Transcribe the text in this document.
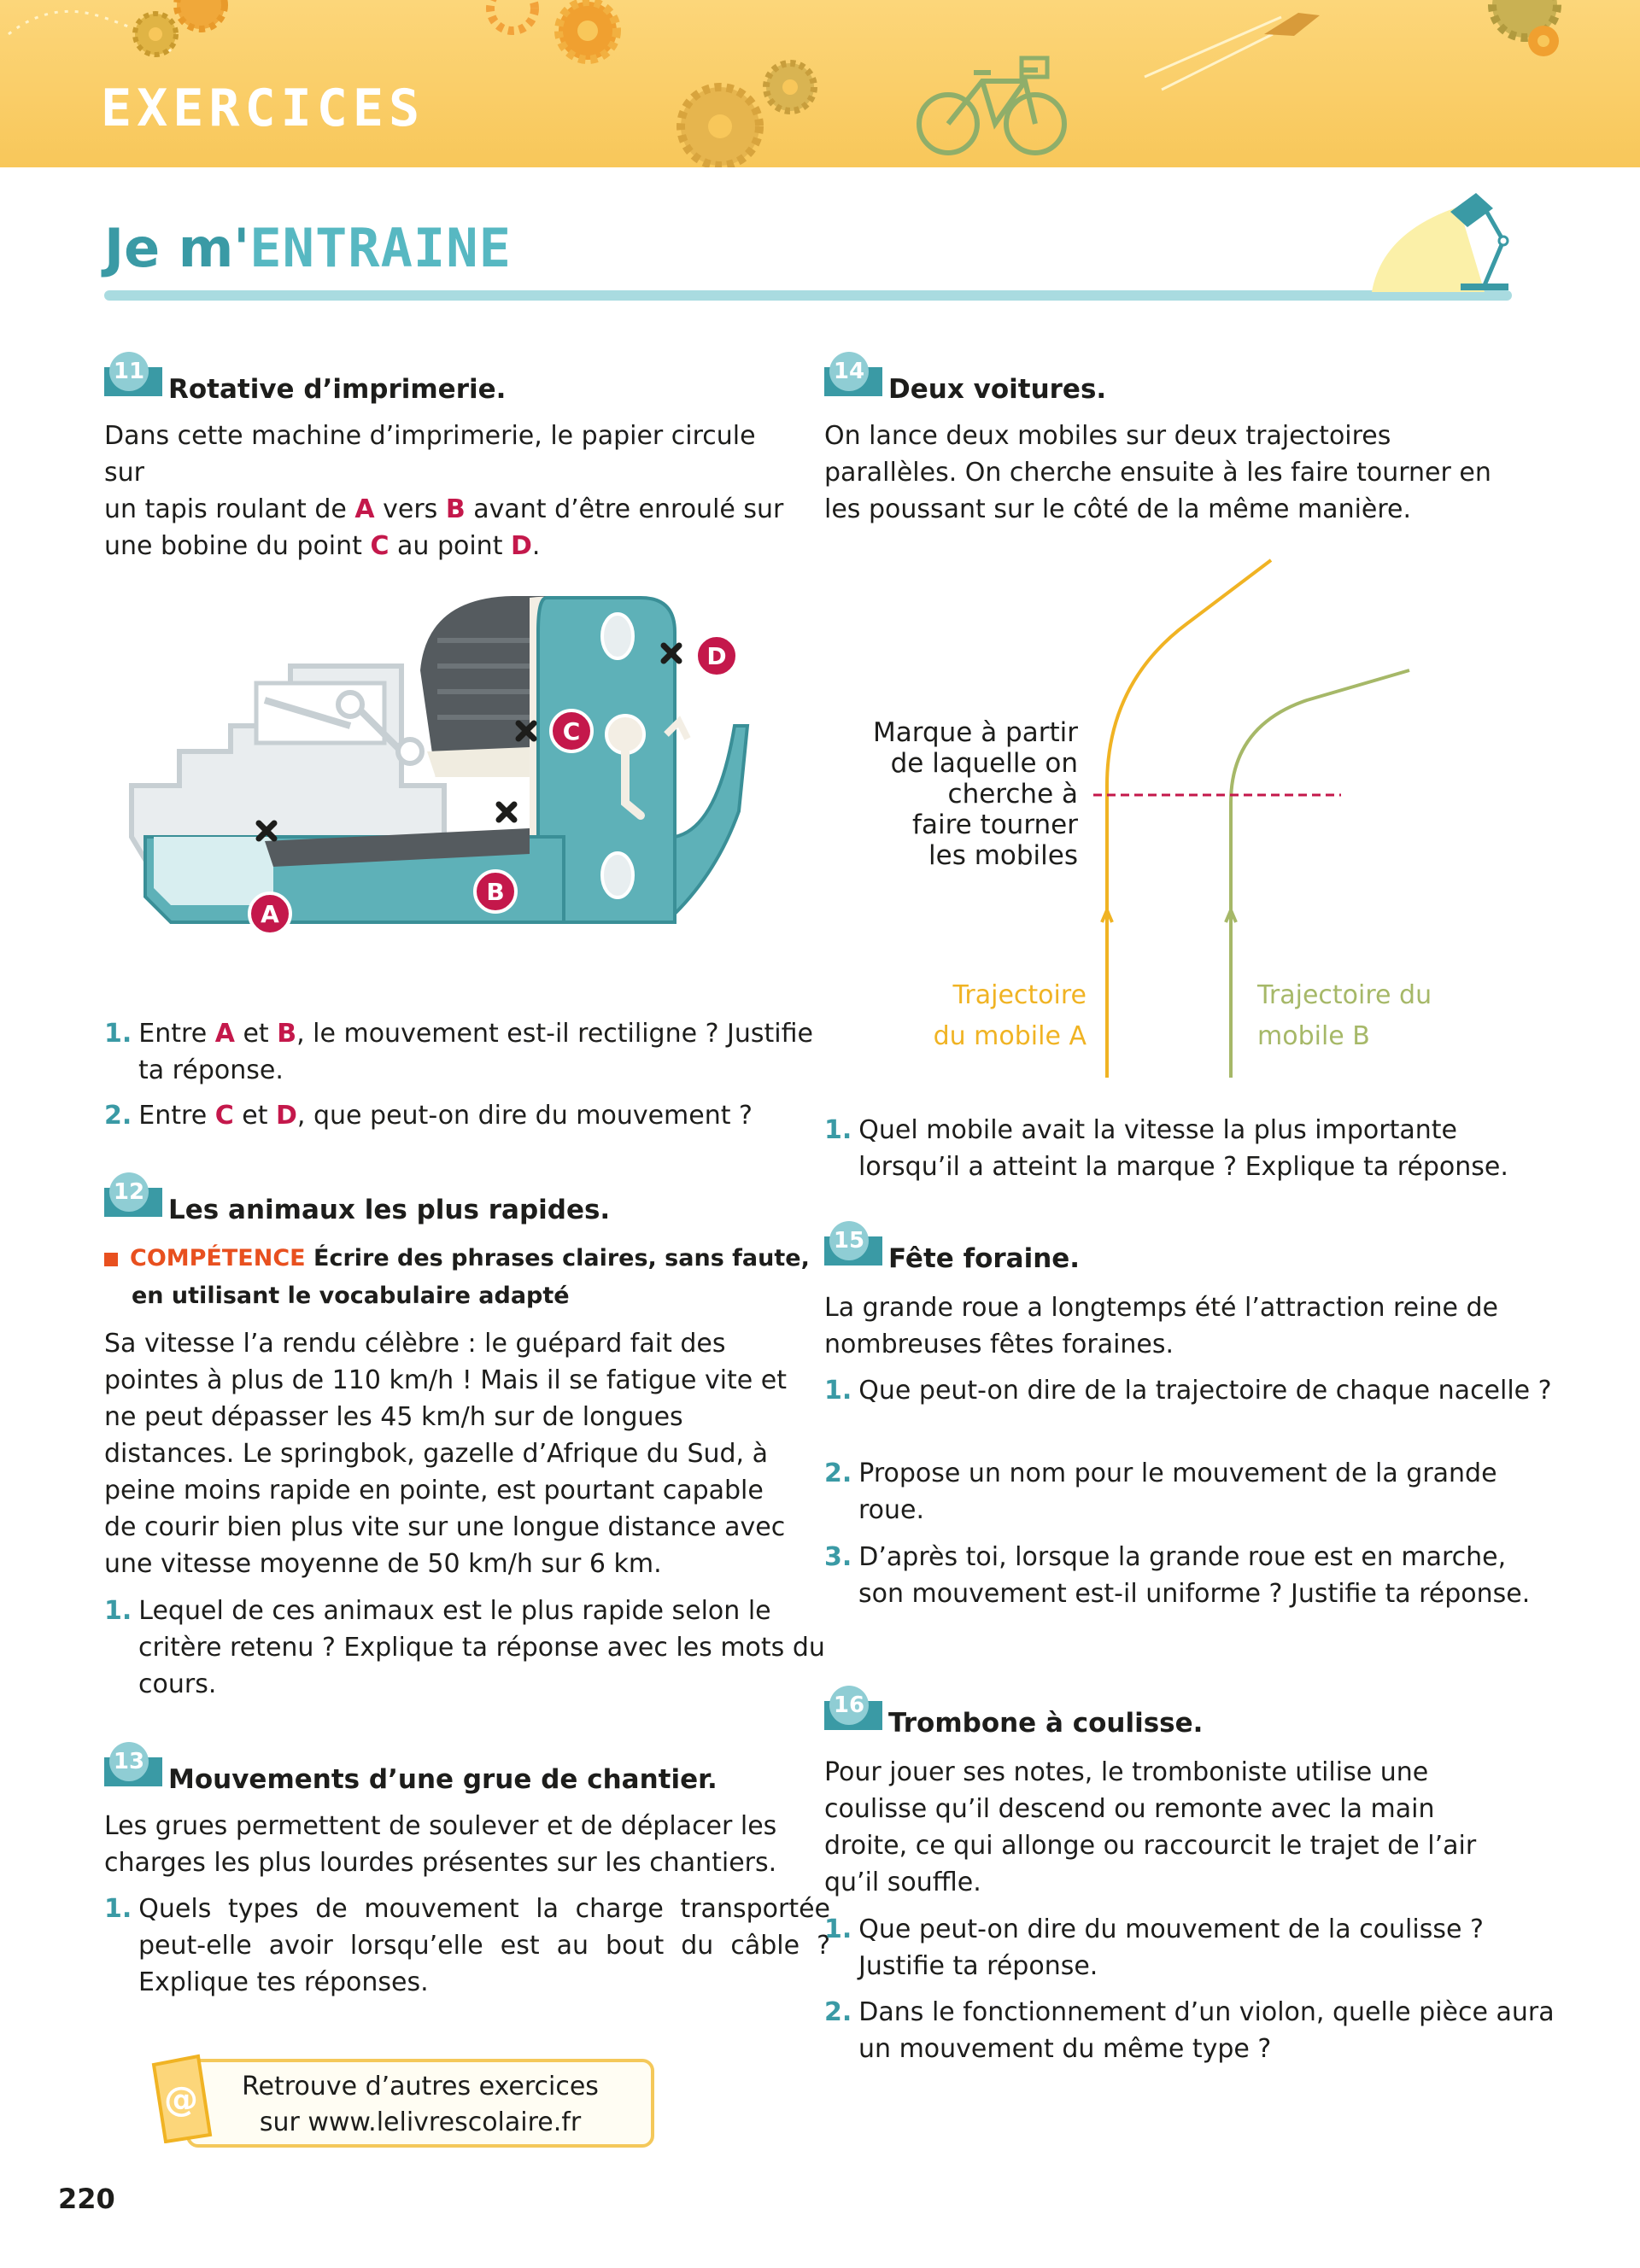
EXERCICES
Je m'ENTRAINE
11
Rotative d’imprimerie.
Dans cette machine d’imprimerie, le papier circule sur
un tapis roulant de A vers B avant d’être enroulé sur
une bobine du point C au point D.
A
B
C
D
1. Entre A et B, le mouvement est-il rectiligne ? Justifie ta réponse.
2. Entre C et D, que peut-on dire du mouvement ?
12
Les animaux les plus rapides.
COMPÉTENCE Écrire des phrases claires, sans faute, en utilisant le vocabulaire adapté
Sa vitesse l’a rendu célèbre : le guépard fait des pointes à plus de 110 km/h ! Mais il se fatigue vite et ne peut dépasser les 45 km/h sur de longues distances. Le springbok, gazelle d’Afrique du Sud, à peine moins rapide en pointe, est pourtant capable de courir bien plus vite sur une longue distance avec une vitesse moyenne de 50 km/h sur 6 km.
1. Lequel de ces animaux est le plus rapide selon le critère retenu ? Explique ta réponse avec les mots du cours.
13
Mouvements d’une grue de chantier.
Les grues permettent de soulever et de déplacer les charges les plus lourdes présentes sur les chantiers.
1. Quels types de mouvement la charge transportée peut-elle avoir lorsqu’elle est au bout du câble ? Explique tes réponses.
Retrouve d’autres exercices
sur www.lelivrescolaire.fr
@
220
14
Deux voitures.
On lance deux mobiles sur deux trajectoires parallèles. On cherche ensuite à les faire tourner en les poussant sur le côté de la même manière.
Marque à partir
de laquelle on
cherche à
faire tourner
les mobiles
Trajectoire
du mobile A
Trajectoire du
mobile B
1. Quel mobile avait la vitesse la plus importante lorsqu’il a atteint la marque ? Explique ta réponse.
15
Fête foraine.
La grande roue a longtemps été l’attraction reine de nombreuses fêtes foraines.
1. Que peut-on dire de la trajectoire de chaque nacelle ?
2. Propose un nom pour le mouvement de la grande roue.
3. D’après toi, lorsque la grande roue est en marche, son mouvement est-il uniforme ? Justifie ta réponse.
16
Trombone à coulisse.
Pour jouer ses notes, le tromboniste utilise une coulisse qu’il descend ou remonte avec la main droite, ce qui allonge ou raccourcit le trajet de l’air qu’il souffle.
1. Que peut-on dire du mouvement de la coulisse ? Justifie ta réponse.
2. Dans le fonctionnement d’un violon, quelle pièce aura un mouvement du même type ?
